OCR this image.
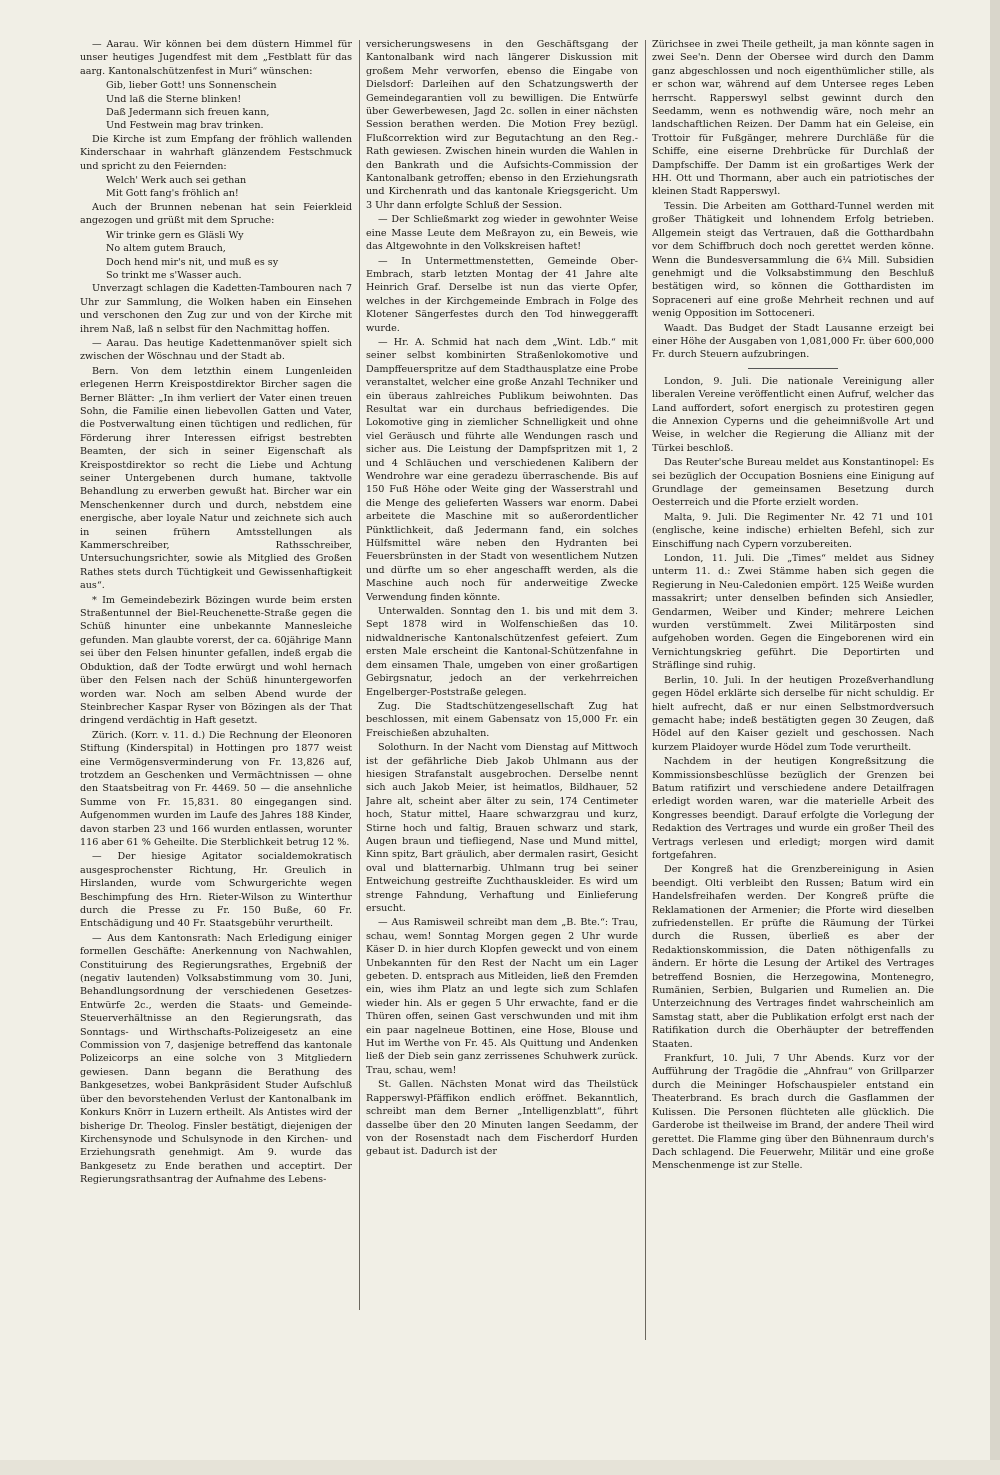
— Aarau. Wir können bei dem düstern Himmel für unser heutiges Jugendfest mit dem „Festblatt für das aarg. Kantonalschützenfest in Muri“ wünschen:

Gib, lieber Gott! uns Sonnenschein
Und laß die Sterne blinken!
Daß Jedermann sich freuen kann,
Und Festwein mag brav trinken.

Die Kirche ist zum Empfang der fröhlich wallenden Kinderschaar in wahrhaft glänzendem Festschmuck und spricht zu den Feiernden:

Welch' Werk auch sei gethan
Mit Gott fang's fröhlich an!

Auch der Brunnen nebenan hat sein Feierkleid angezogen und grüßt mit dem Spruche:

Wir trinke gern es Gläsli Wy
No altem gutem Brauch,
Doch hend mir's nit, und muß es sy
So trinkt me s'Wasser auch.

Unverzagt schlagen die Kadetten-Tambouren nach 7 Uhr zur Sammlung, die Wolken haben ein Einsehen und verschonen den Zug zur und von der Kirche mit ihrem Naß, laß n selbst für den Nachmittag hoffen.

— Aarau. Das heutige Kadettenmanöver spielt sich zwischen der Wöschnau und der Stadt ab.

Bern. Von dem letzthin einem Lungenleiden erlegenen Herrn Kreispostdirektor Bircher sagen die Berner Blätter: „In ihm verliert der Vater einen treuen Sohn, die Familie einen liebevollen Gatten und Vater, die Postverwaltung einen tüchtigen und redlichen, für Förderung ihrer Interessen eifrigst bestrebten Beamten, der sich in seiner Eigenschaft als Kreispostdirektor so recht die Liebe und Achtung seiner Untergebenen durch humane, taktvolle Behandlung zu erwerben gewußt hat. Bircher war ein Menschenkenner durch und durch, nebstdem eine energische, aber loyale Natur und zeichnete sich auch in seinen frühern Amtsstellungen als Kammerschreiber, Rathsschreiber, Untersuchungsrichter, sowie als Mitglied des Großen Rathes stets durch Tüchtigkeit und Gewissenhaftigkeit aus“.

* Im Gemeindebezirk Bözingen wurde beim ersten Straßentunnel der Biel-Reuchenette-Straße gegen die Schüß hinunter eine unbekannte Mannesleiche gefunden. Man glaubte vorerst, der ca. 60jährige Mann sei über den Felsen hinunter gefallen, indeß ergab die Obduktion, daß der Todte erwürgt und wohl hernach über den Felsen nach der Schüß hinuntergeworfen worden war. Noch am selben Abend wurde der Steinbrecher Kaspar Ryser von Bözingen als der That dringend verdächtig in Haft gesetzt.

Zürich. (Korr. v. 11. d.) Die Rechnung der Eleonoren Stiftung (Kinderspital) in Hottingen pro 1877 weist eine Vermögensverminderung von Fr. 13,826 auf, trotzdem an Geschenken und Vermächtnissen — ohne den Staatsbeitrag von Fr. 4469. 50 — die ansehnliche Summe von Fr. 15,831. 80 eingegangen sind. Aufgenommen wurden im Laufe des Jahres 188 Kinder, davon starben 23 und 166 wurden entlassen, worunter 116 aber 61 % Geheilte. Die Sterblichkeit betrug 12 %.

— Der hiesige Agitator socialdemokratisch ausgesprochenster Richtung, Hr. Greulich in Hirslanden, wurde vom Schwurgerichte wegen Beschimpfung des Hrn. Rieter-Wilson zu Winterthur durch die Presse zu Fr. 150 Buße, 60 Fr. Entschädigung und 40 Fr. Staatsgebühr verurtheilt.

— Aus dem Kantonsrath: Nach Erledigung einiger formellen Geschäfte: Anerkennung von Nachwahlen, Constituirung des Regierungsrathes, Ergebniß der (negativ lautenden) Volksabstimmung vom 30. Juni, Behandlungsordnung der verschiedenen Gesetzes-Entwürfe 2c., werden die Staats- und Gemeinde-Steuerverhältnisse an den Regierungsrath, das Sonntags- und Wirthschafts-Polizeigesetz an eine Commission von 7, dasjenige betreffend das kantonale Polizeicorps an eine solche von 3 Mitgliedern gewiesen. Dann begann die Berathung des Bankgesetzes, wobei Bankpräsident Studer Aufschluß über den bevorstehenden Verlust der Kantonalbank im Konkurs Knörr in Luzern ertheilt. Als Antistes wird der bisherige Dr. Theolog. Finsler bestätigt, diejenigen der Kirchensynode und Schulsynode in den Kirchen- und Erziehungsrath genehmigt. Am 9. wurde das Bankgesetz zu Ende berathen und acceptirt. Der Regierungsrathsantrag der Aufnahme des Lebens-

versicherungswesens in den Geschäftsgang der Kantonalbank wird nach längerer Diskussion mit großem Mehr verworfen, ebenso die Eingabe von Dielsdorf: Darleihen auf den Schatzungswerth der Gemeindegarantien voll zu bewilligen. Die Entwürfe über Gewerbewesen, Jagd 2c. sollen in einer nächsten Session berathen werden. Die Motion Frey bezügl. Flußcorrektion wird zur Begutachtung an den Reg.-Rath gewiesen. Zwischen hinein wurden die Wahlen in den Bankrath und die Aufsichts-Commission der Kantonalbank getroffen; ebenso in den Erziehungsrath und Kirchenrath und das kantonale Kriegsgericht. Um 3 Uhr dann erfolgte Schluß der Session.

— Der Schließmarkt zog wieder in gewohnter Weise eine Masse Leute dem Meßrayon zu, ein Beweis, wie das Altgewohnte in den Volkskreisen haftet!

— In Untermettmenstetten, Gemeinde Ober-Embrach, starb letzten Montag der 41 Jahre alte Heinrich Graf. Derselbe ist nun das vierte Opfer, welches in der Kirchgemeinde Embrach in Folge des Klotener Sängerfestes durch den Tod hinweggerafft wurde.

— Hr. A. Schmid hat nach dem „Wint. Ldb.“ mit seiner selbst kombinirten Straßenlokomotive und Dampffeuerspritze auf dem Stadthausplatze eine Probe veranstaltet, welcher eine große Anzahl Techniker und ein überaus zahlreiches Publikum beiwohnten. Das Resultat war ein durchaus befriedigendes. Die Lokomotive ging in ziemlicher Schnelligkeit und ohne viel Geräusch und führte alle Wendungen rasch und sicher aus. Die Leistung der Dampfspritzen mit 1, 2 und 4 Schläuchen und verschiedenen Kalibern der Wendrohre war eine geradezu überraschende. Bis auf 150 Fuß Höhe oder Weite ging der Wasserstrahl und die Menge des gelieferten Wassers war enorm. Dabei arbeitete die Maschine mit so außerordentlicher Pünktlichkeit, daß Jedermann fand, ein solches Hülfsmittel wäre neben den Hydranten bei Feuersbrünsten in der Stadt von wesentlichem Nutzen und dürfte um so eher angeschafft werden, als die Maschine auch noch für anderweitige Zwecke Verwendung finden könnte.

Unterwalden. Sonntag den 1. bis und mit dem 3. Sept 1878 wird in Wolfenschießen das 10. nidwaldnerische Kantonalschützenfest gefeiert. Zum ersten Male erscheint die Kantonal-Schützenfahne in dem einsamen Thale, umgeben von einer großartigen Gebirgsnatur, jedoch an der verkehrreichen Engelberger-Poststraße gelegen.

Zug. Die Stadtschützengesellschaft Zug hat beschlossen, mit einem Gabensatz von 15,000 Fr. ein Freischießen abzuhalten.

Solothurn. In der Nacht vom Dienstag auf Mittwoch ist der gefährliche Dieb Jakob Uhlmann aus der hiesigen Strafanstalt ausgebrochen. Derselbe nennt sich auch Jakob Meier, ist heimatlos, Bildhauer, 52 Jahre alt, scheint aber älter zu sein, 174 Centimeter hoch, Statur mittel, Haare schwarzgrau und kurz, Stirne hoch und faltig, Brauen schwarz und stark, Augen braun und tiefliegend, Nase und Mund mittel, Kinn spitz, Bart gräulich, aber dermalen rasirt, Gesicht oval und blatternarbig. Uhlmann trug bei seiner Entweichung gestreifte Zuchthauskleider. Es wird um strenge Fahndung, Verhaftung und Einlieferung ersucht.

— Aus Ramisweil schreibt man dem „B. Bte.“: Trau, schau, wem! Sonntag Morgen gegen 2 Uhr wurde Käser D. in hier durch Klopfen geweckt und von einem Unbekannten für den Rest der Nacht um ein Lager gebeten. D. entsprach aus Mitleiden, ließ den Fremden ein, wies ihm Platz an und legte sich zum Schlafen wieder hin. Als er gegen 5 Uhr erwachte, fand er die Thüren offen, seinen Gast verschwunden und mit ihm ein paar nagelneue Bottinen, eine Hose, Blouse und Hut im Werthe von Fr. 45. Als Quittung und Andenken ließ der Dieb sein ganz zerrissenes Schuhwerk zurück. Trau, schau, wem!

St. Gallen. Nächsten Monat wird das Theilstück Rapperswyl-Pfäffikon endlich eröffnet. Bekanntlich, schreibt man dem Berner „Intelligenzblatt“, führt dasselbe über den 20 Minuten langen Seedamm, der von der Rosenstadt nach dem Fischerdorf Hurden gebaut ist. Dadurch ist der

Zürichsee in zwei Theile getheilt, ja man könnte sagen in zwei See'n. Denn der Obersee wird durch den Damm ganz abgeschlossen und noch eigenthümlicher stille, als er schon war, während auf dem Untersee reges Leben herrscht. Rapperswyl selbst gewinnt durch den Seedamm, wenn es nothwendig wäre, noch mehr an landschaftlichen Reizen. Der Damm hat ein Geleise, ein Trottoir für Fußgänger, mehrere Durchläße für die Schiffe, eine eiserne Drehbrücke für Durchlaß der Dampfschiffe. Der Damm ist ein großartiges Werk der HH. Ott und Thormann, aber auch ein patriotisches der kleinen Stadt Rapperswyl.

Tessin. Die Arbeiten am Gotthard-Tunnel werden mit großer Thätigkeit und lohnendem Erfolg betrieben. Allgemein steigt das Vertrauen, daß die Gotthardbahn vor dem Schiffbruch doch noch gerettet werden könne. Wenn die Bundesversammlung die 6¼ Mill. Subsidien genehmigt und die Volksabstimmung den Beschluß bestätigen wird, so können die Gotthardisten im Sopraceneri auf eine große Mehrheit rechnen und auf wenig Opposition im Sottoceneri.

Waadt. Das Budget der Stadt Lausanne erzeigt bei einer Höhe der Ausgaben von 1,081,000 Fr. über 600,000 Fr. durch Steuern aufzubringen.

London, 9. Juli. Die nationale Vereinigung aller liberalen Vereine veröffentlicht einen Aufruf, welcher das Land auffordert, sofort energisch zu protestiren gegen die Annexion Cyperns und die geheimnißvolle Art und Weise, in welcher die Regierung die Allianz mit der Türkei beschloß.

Das Reuter'sche Bureau meldet aus Konstantinopel: Es sei bezüglich der Occupation Bosniens eine Einigung auf Grundlage der gemeinsamen Besetzung durch Oesterreich und die Pforte erzielt worden.

Malta, 9. Juli. Die Regimenter Nr. 42 71 und 101 (englische, keine indische) erhielten Befehl, sich zur Einschiffung nach Cypern vorzubereiten.

London, 11. Juli. Die „Times“ meldet aus Sidney unterm 11. d.: Zwei Stämme haben sich gegen die Regierung in Neu-Caledonien empört. 125 Weiße wurden massakrirt; unter denselben befinden sich Ansiedler, Gendarmen, Weiber und Kinder; mehrere Leichen wurden verstümmelt. Zwei Militärposten sind aufgehoben worden. Gegen die Eingeborenen wird ein Vernichtungskrieg geführt. Die Deportirten und Sträflinge sind ruhig.

Berlin, 10. Juli. In der heutigen Prozeßverhandlung gegen Hödel erklärte sich derselbe für nicht schuldig. Er hielt aufrecht, daß er nur einen Selbstmordversuch gemacht habe; indeß bestätigten gegen 30 Zeugen, daß Hödel auf den Kaiser gezielt und geschossen. Nach kurzem Plaidoyer wurde Hödel zum Tode verurtheilt.

Nachdem in der heutigen Kongreßsitzung die Kommissionsbeschlüsse bezüglich der Grenzen bei Batum ratifizirt und verschiedene andere Detailfragen erledigt worden waren, war die materielle Arbeit des Kongresses beendigt. Darauf erfolgte die Vorlegung der Redaktion des Vertrages und wurde ein großer Theil des Vertrags verlesen und erledigt; morgen wird damit fortgefahren.

Der Kongreß hat die Grenzbereinigung in Asien beendigt. Olti verbleibt den Russen; Batum wird ein Handelsfreihafen werden. Der Kongreß prüfte die Reklamationen der Armenier; die Pforte wird dieselben zufriedenstellen. Er prüfte die Räumung der Türkei durch die Russen, überließ es aber der Redaktionskommission, die Daten nöthigenfalls zu ändern. Er hörte die Lesung der Artikel des Vertrages betreffend Bosnien, die Herzegowina, Montenegro, Rumänien, Serbien, Bulgarien und Rumelien an. Die Unterzeichnung des Vertrages findet wahrscheinlich am Samstag statt, aber die Publikation erfolgt erst nach der Ratifikation durch die Oberhäupter der betreffenden Staaten.

Frankfurt, 10. Juli, 7 Uhr Abends. Kurz vor der Aufführung der Tragödie die „Ahnfrau“ von Grillparzer durch die Meininger Hofschauspieler entstand ein Theaterbrand. Es brach durch die Gasflammen der Kulissen. Die Personen flüchteten alle glücklich. Die Garderobe ist theilweise im Brand, der andere Theil wird gerettet. Die Flamme ging über den Bühnenraum durch's Dach schlagend. Die Feuerwehr, Militär und eine große Menschenmenge ist zur Stelle.
